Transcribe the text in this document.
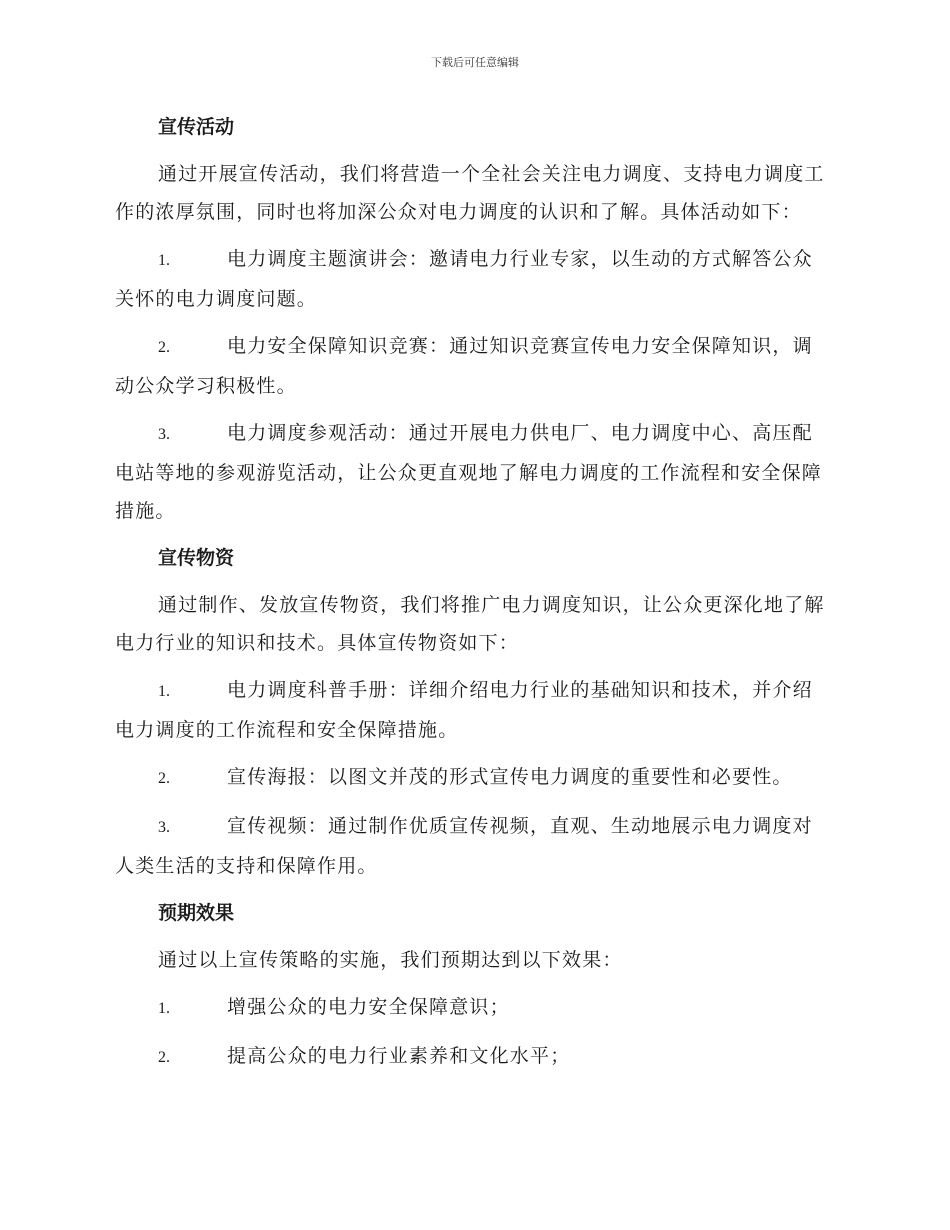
下载后可任意编辑
宣传活动

通过开展宣传活动，我们将营造一个全社会关注电力调度、支持电力调度工作的浓厚氛围，同时也将加深公众对电力调度的认识和了解。具体活动如下：

1.	电力调度主题演讲会：邀请电力行业专家，以生动的方式解答公众关怀的电力调度问题。

2.	电力安全保障知识竞赛：通过知识竞赛宣传电力安全保障知识，调动公众学习积极性。

3.	电力调度参观活动：通过开展电力供电厂、电力调度中心、高压配电站等地的参观游览活动，让公众更直观地了解电力调度的工作流程和安全保障措施。

宣传物资

通过制作、发放宣传物资，我们将推广电力调度知识，让公众更深化地了解电力行业的知识和技术。具体宣传物资如下：

1.	电力调度科普手册：详细介绍电力行业的基础知识和技术，并介绍电力调度的工作流程和安全保障措施。

2.	宣传海报：以图文并茂的形式宣传电力调度的重要性和必要性。

3.	宣传视频：通过制作优质宣传视频，直观、生动地展示电力调度对人类生活的支持和保障作用。

预期效果

通过以上宣传策略的实施，我们预期达到以下效果：

1.	增强公众的电力安全保障意识；

2.	提高公众的电力行业素养和文化水平；
